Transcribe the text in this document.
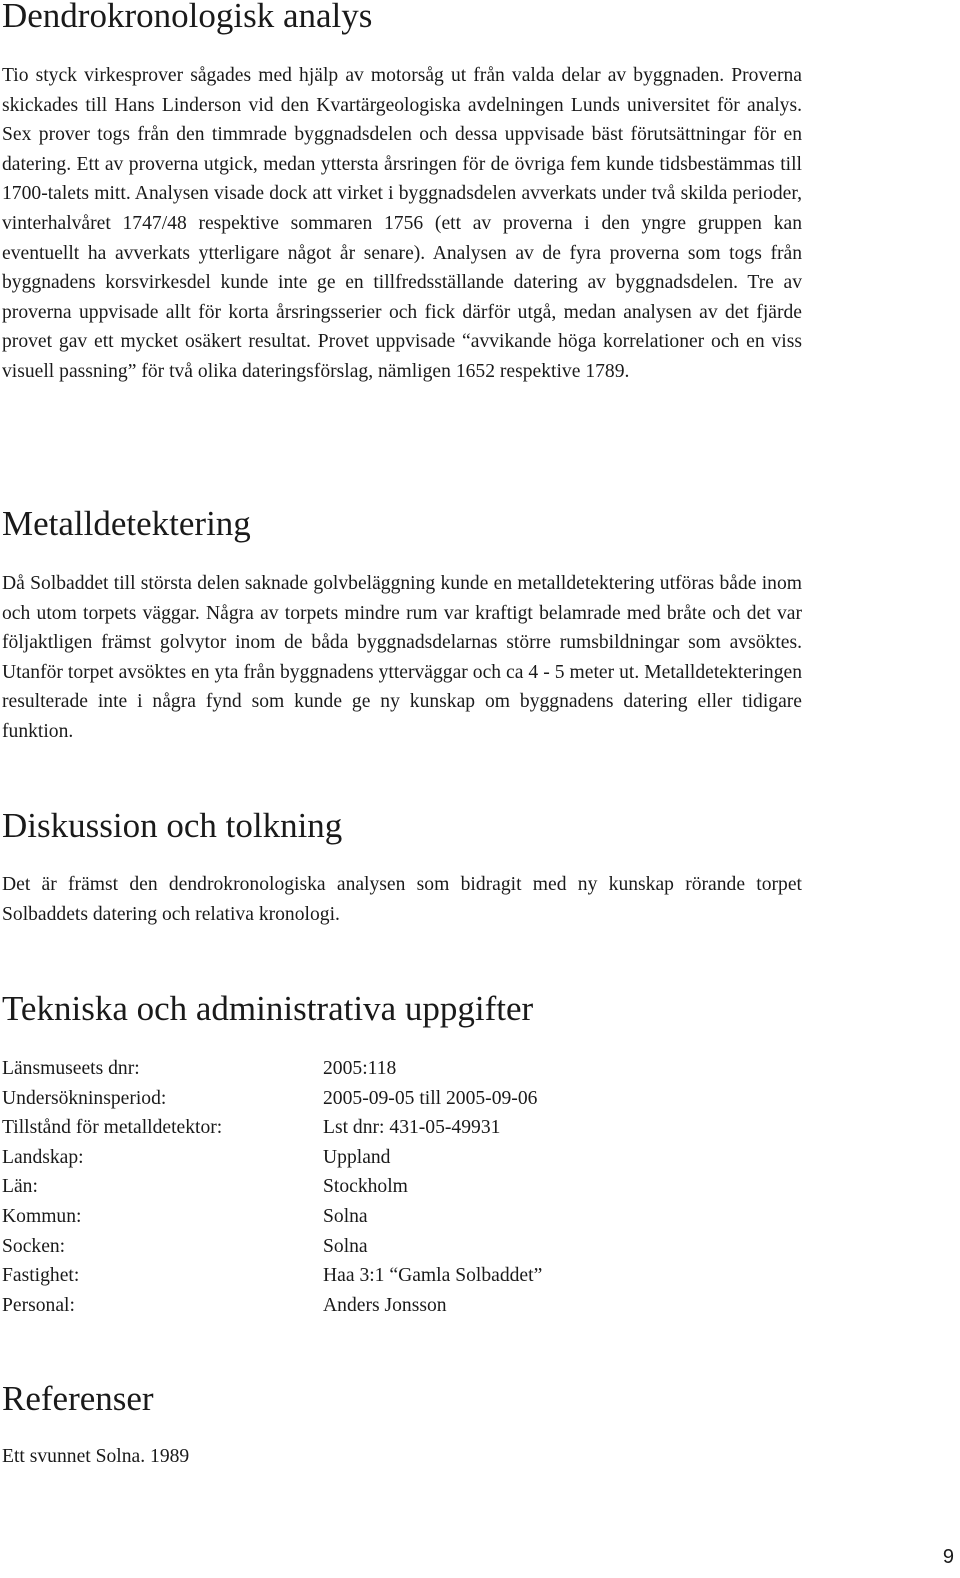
Dendrokronologisk analys

Tio styck virkesprover sågades med hjälp av motorsåg ut från valda delar av byggnaden. Proverna skickades till Hans Linderson vid den Kvartärgeologiska avdelningen Lunds universitet för analys. Sex prover togs från den timmrade byggnadsdelen och dessa uppvisade bäst förutsättningar för en datering. Ett av proverna utgick, medan yttersta årsringen för de övriga fem kunde tidsbestämmas till 1700-talets mitt. Analysen visade dock att virket i byggnadsdelen avverkats under två skilda perioder, vinterhalvåret 1747/48 respektive sommaren 1756 (ett av proverna i den yngre gruppen kan eventuellt ha avverkats ytterligare något år senare). Analysen av de fyra proverna som togs från byggnadens korsvirkesdel kunde inte ge en tillfredsställande datering av byggnadsdelen. Tre av proverna uppvisade allt för korta årsringsserier och fick därför utgå, medan analysen av det fjärde provet gav ett mycket osäkert resultat. Provet uppvisade “avvikande höga korrelationer och en viss visuell passning” för två olika dateringsförslag, nämligen 1652 respektive 1789.

Metalldetektering

Då Solbaddet till största delen saknade golvbeläggning kunde en metalldetektering utföras både inom och utom torpets väggar. Några av torpets mindre rum var kraftigt belamrade med bråte och det var följaktligen främst golvytor inom de båda byggnadsdelarnas större rumsbildningar som avsöktes. Utanför torpet avsöktes en yta från byggnadens ytterväggar och ca 4 - 5 meter ut. Metalldetekteringen resulterade inte i några fynd som kunde ge ny kunskap om byggnadens datering eller tidigare funktion.

Diskussion och tolkning

Det är främst den dendrokronologiska analysen som bidragit med ny kunskap rörande torpet Solbaddets datering och relativa kronologi.

Tekniska och administrativa uppgifter
Länsmuseets dnr:	2005:118
Undersökninsperiod:	2005-09-05 till 2005-09-06
Tillstånd för metalldetektor:	Lst dnr: 431-05-49931
Landskap:	Uppland
Län:	Stockholm
Kommun:	Solna
Socken:	Solna
Fastighet:	Haa 3:1 “Gamla Solbaddet”
Personal:	Anders Jonsson
Referenser

Ett svunnet Solna. 1989

9
